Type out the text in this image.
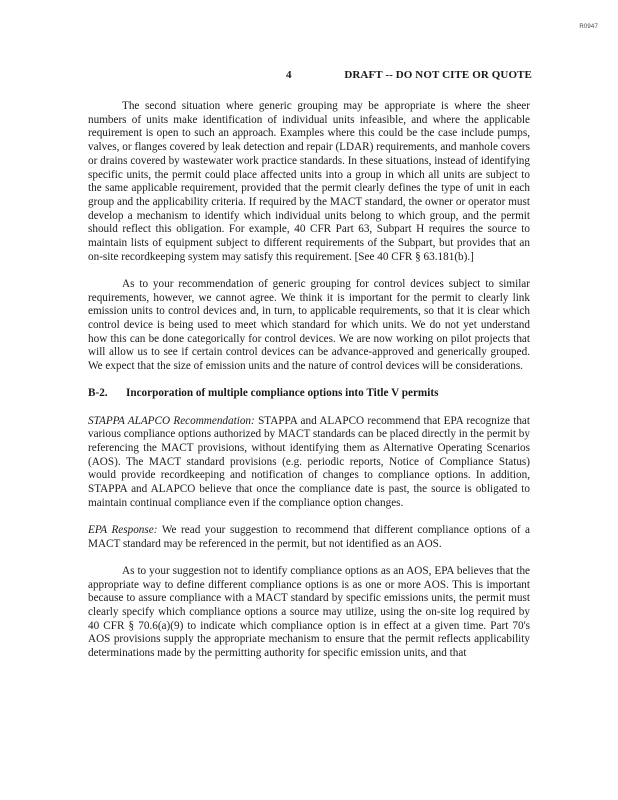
R0947
4	DRAFT -- DO NOT CITE OR QUOTE

The second situation where generic grouping may be appropriate is where the sheer numbers of units make identification of individual units infeasible, and where the applicable requirement is open to such an approach. Examples where this could be the case include pumps, valves, or flanges covered by leak detection and repair (LDAR) requirements, and manhole covers or drains covered by wastewater work practice standards. In these situations, instead of identifying specific units, the permit could place affected units into a group in which all units are subject to the same applicable requirement, provided that the permit clearly defines the type of unit in each group and the applicability criteria. If required by the MACT standard, the owner or operator must develop a mechanism to identify which individual units belong to which group, and the permit should reflect this obligation. For example, 40 CFR Part 63, Subpart H requires the source to maintain lists of equipment subject to different requirements of the Subpart, but provides that an on-site recordkeeping system may satisfy this requirement. [See 40 CFR § 63.181(b).]

As to your recommendation of generic grouping for control devices subject to similar requirements, however, we cannot agree. We think it is important for the permit to clearly link emission units to control devices and, in turn, to applicable requirements, so that it is clear which control device is being used to meet which standard for which units. We do not yet understand how this can be done categorically for control devices. We are now working on pilot projects that will allow us to see if certain control devices can be advance-approved and generically grouped. We expect that the size of emission units and the nature of control devices will be considerations.

B-2.	Incorporation of multiple compliance options into Title V permits

STAPPA ALAPCO Recommendation: STAPPA and ALAPCO recommend that EPA recognize that various compliance options authorized by MACT standards can be placed directly in the permit by referencing the MACT provisions, without identifying them as Alternative Operating Scenarios (AOS). The MACT standard provisions (e.g. periodic reports, Notice of Compliance Status) would provide recordkeeping and notification of changes to compliance options. In addition, STAPPA and ALAPCO believe that once the compliance date is past, the source is obligated to maintain continual compliance even if the compliance option changes.

EPA Response: We read your suggestion to recommend that different compliance options of a MACT standard may be referenced in the permit, but not identified as an AOS.

As to your suggestion not to identify compliance options as an AOS, EPA believes that the appropriate way to define different compliance options is as one or more AOS. This is important because to assure compliance with a MACT standard by specific emissions units, the permit must clearly specify which compliance options a source may utilize, using the on-site log required by 40 CFR § 70.6(a)(9) to indicate which compliance option is in effect at a given time. Part 70's AOS provisions supply the appropriate mechanism to ensure that the permit reflects applicability determinations made by the permitting authority for specific emission units, and that
